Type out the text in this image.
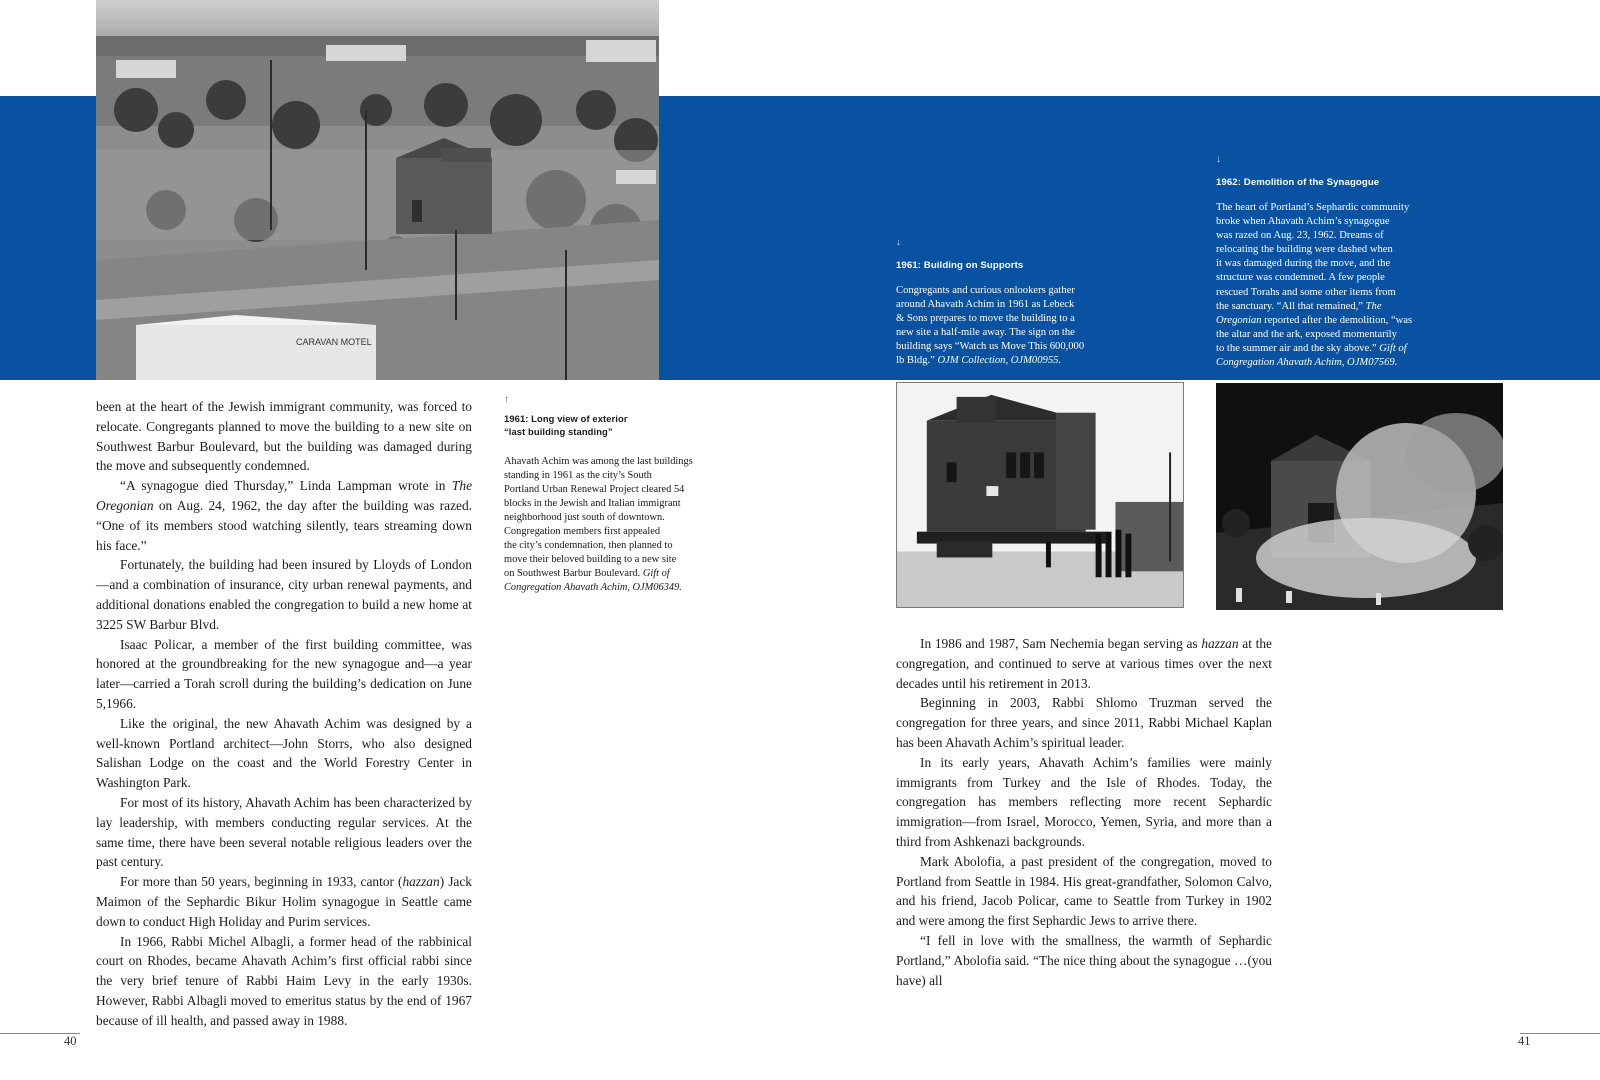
CARAVAN MOTEL
↓
1961: Building on Supports
Congregants and curious onlookers gather
around Ahavath Achim in 1961 as Lebeck
& Sons prepares to move the building to a
new site a half-mile away. The sign on the
building says “Watch us Move This 600,000
lb Bldg.” OJM Collection, OJM00955.
↓
1962: Demolition of the Synagogue
The heart of Portland’s Sephardic community
broke when Ahavath Achim’s synagogue
was razed on Aug. 23, 1962. Dreams of
relocating the building were dashed when
it was damaged during the move, and the
structure was condemned. A few people
rescued Torahs and some other items from
the sanctuary. “All that remained,” The
Oregonian reported after the demolition, “was
the altar and the ark, exposed momentarily
to the summer air and the sky above.” Gift of
Congregation Ahavath Achim, OJM07569.
↑
1961: Long view of exterior
“last building standing”
Ahavath Achim was among the last buildings
standing in 1961 as the city’s South
Portland Urban Renewal Project cleared 54
blocks in the Jewish and Italian immigrant
neighborhood just south of downtown.
Congregation members first appealed
the city’s condemnation, then planned to
move their beloved building to a new site
on Southwest Barbur Boulevard. Gift of
Congregation Ahavath Achim, OJM06349.

been at the heart of the Jewish immigrant community, was forced to relocate. Congregants planned to move the building to a new site on Southwest Barbur Boulevard, but the building was damaged during the move and subsequently condemned.

“A synagogue died Thursday,” Linda Lampman wrote in The Oregonian on Aug. 24, 1962, the day after the building was razed. “One of its members stood watching silently, tears streaming down his face.”

Fortunately, the building had been insured by Lloyds of London—and a combination of insurance, city urban renewal payments, and additional donations enabled the congregation to build a new home at 3225 SW Barbur Blvd.

Isaac Policar, a member of the first building committee, was honored at the groundbreaking for the new synagogue and—a year later—carried a Torah scroll during the building’s dedication on June 5,1966.

Like the original, the new Ahavath Achim was designed by a well-known Portland architect—John Storrs, who also designed Salishan Lodge on the coast and the World Forestry Center in Washington Park.

For most of its history, Ahavath Achim has been characterized by lay leadership, with members conducting regular services. At the same time, there have been several notable religious leaders over the past century.

For more than 50 years, beginning in 1933, cantor (hazzan) Jack Maimon of the Sephardic Bikur Holim synagogue in Seattle came down to conduct High Holiday and Purim services.

In 1966, Rabbi Michel Albagli, a former head of the rabbinical court on Rhodes, became Ahavath Achim’s first official rabbi since the very brief tenure of Rabbi Haim Levy in the early 1930s. However, Rabbi Albagli moved to emeritus status by the end of 1967 because of ill health, and passed away in 1988.

In 1986 and 1987, Sam Nechemia began serving as hazzan at the congregation, and continued to serve at various times over the next decades until his retirement in 2013.

Beginning in 2003, Rabbi Shlomo Truzman served the congregation for three years, and since 2011, Rabbi Michael Kaplan has been Ahavath Achim’s spiritual leader.

In its early years, Ahavath Achim’s families were mainly immigrants from Turkey and the Isle of Rhodes. Today, the congregation has members reflecting more recent Sephardic immigration—from Israel, Morocco, Yemen, Syria, and more than a third from Ashkenazi backgrounds.

Mark Abolofia, a past president of the congregation, moved to Portland from Seattle in 1984. His great-grandfather, Solomon Calvo, and his friend, Jacob Policar, came to Seattle from Turkey in 1902 and were among the first Sephardic Jews to arrive there.

“I fell in love with the smallness, the warmth of Sephardic Portland,” Abolofia said. “The nice thing about the synagogue …(you have) all

40	41
